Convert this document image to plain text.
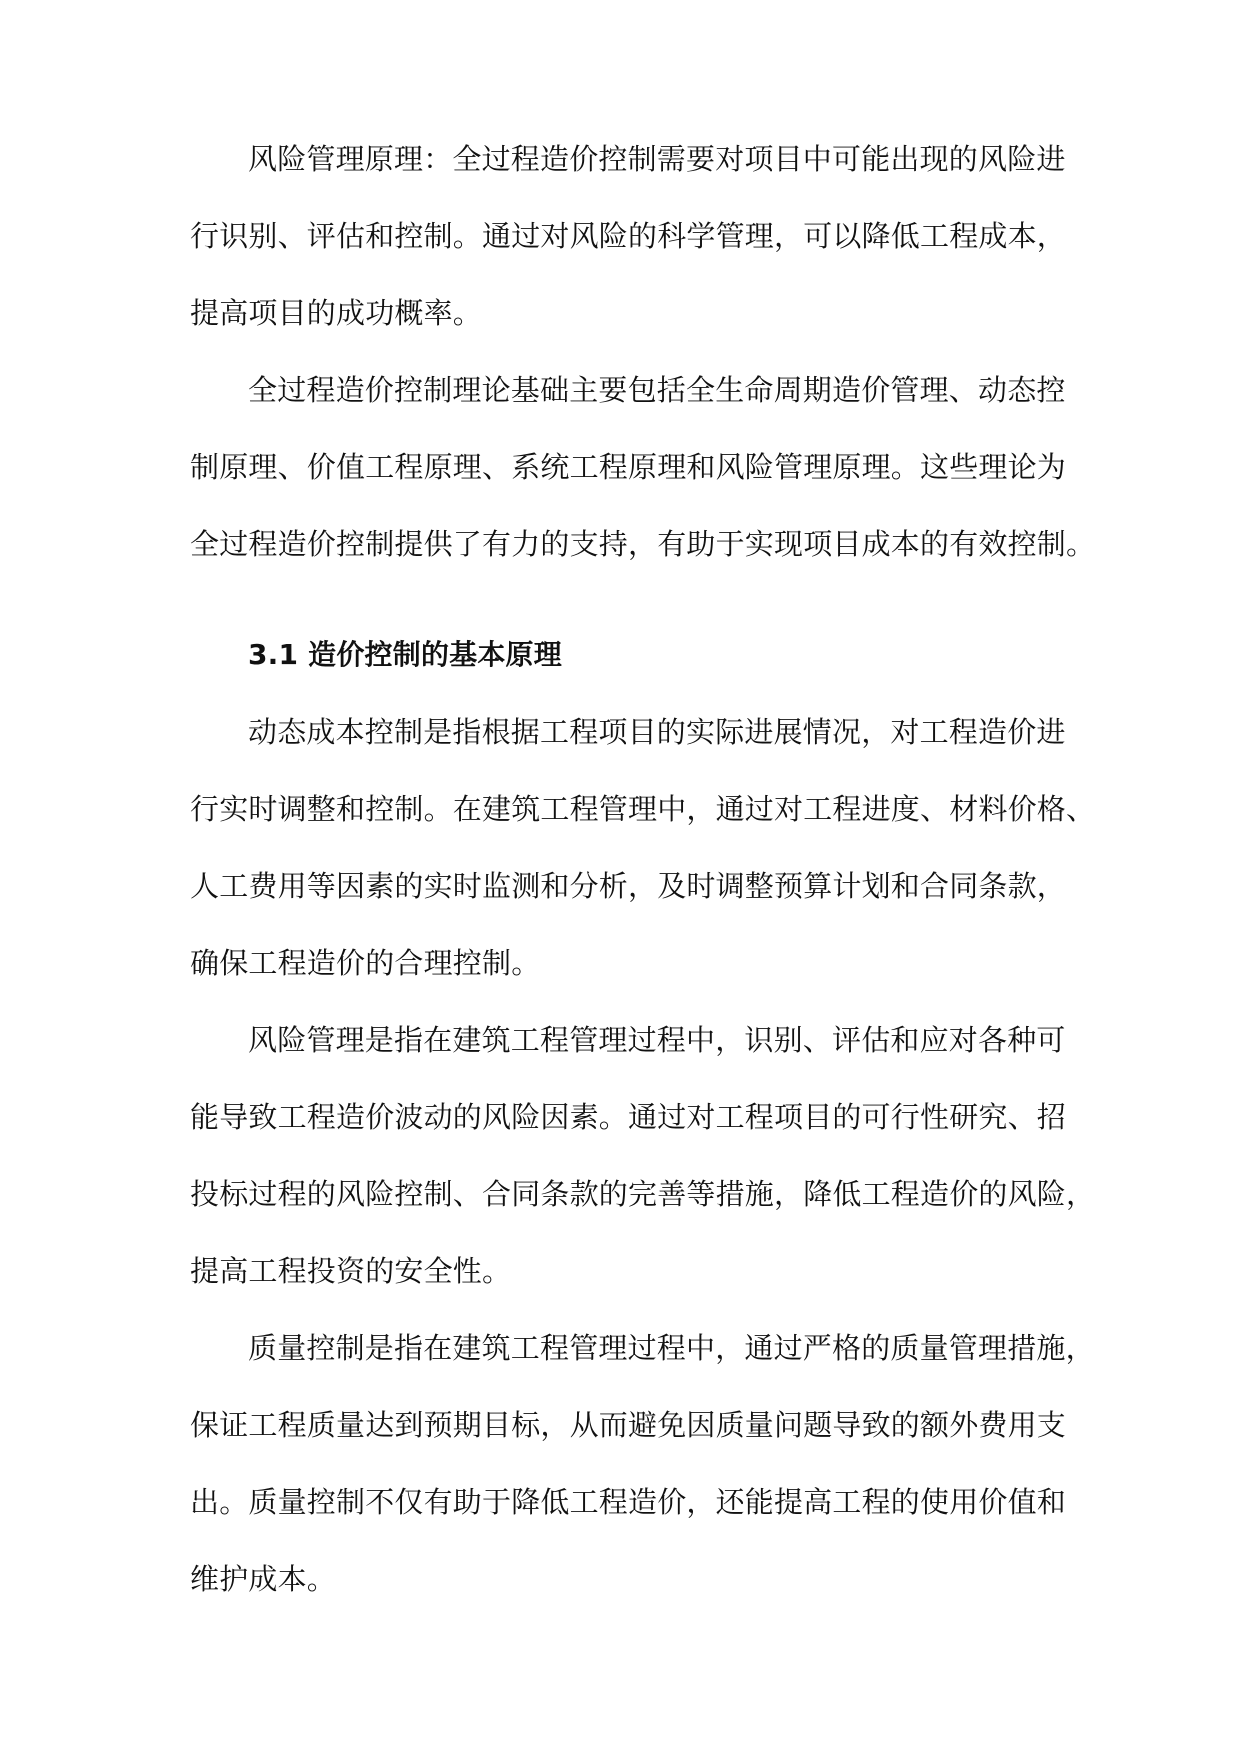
风险管理原理：全过程造价控制需要对项目中可能出现的风险进
行识别、评估和控制。通过对风险的科学管理，可以降低工程成本，
提高项目的成功概率。
全过程造价控制理论基础主要包括全生命周期造价管理、动态控
制原理、价值工程原理、系统工程原理和风险管理原理。这些理论为
全过程造价控制提供了有力的支持，有助于实现项目成本的有效控制。
3.1 造价控制的基本原理
动态成本控制是指根据工程项目的实际进展情况，对工程造价进
行实时调整和控制。在建筑工程管理中，通过对工程进度、材料价格、
人工费用等因素的实时监测和分析，及时调整预算计划和合同条款，
确保工程造价的合理控制。
风险管理是指在建筑工程管理过程中，识别、评估和应对各种可
能导致工程造价波动的风险因素。通过对工程项目的可行性研究、招
投标过程的风险控制、合同条款的完善等措施，降低工程造价的风险，
提高工程投资的安全性。
质量控制是指在建筑工程管理过程中，通过严格的质量管理措施，
保证工程质量达到预期目标，从而避免因质量问题导致的额外费用支
出。质量控制不仅有助于降低工程造价，还能提高工程的使用价值和
维护成本。
